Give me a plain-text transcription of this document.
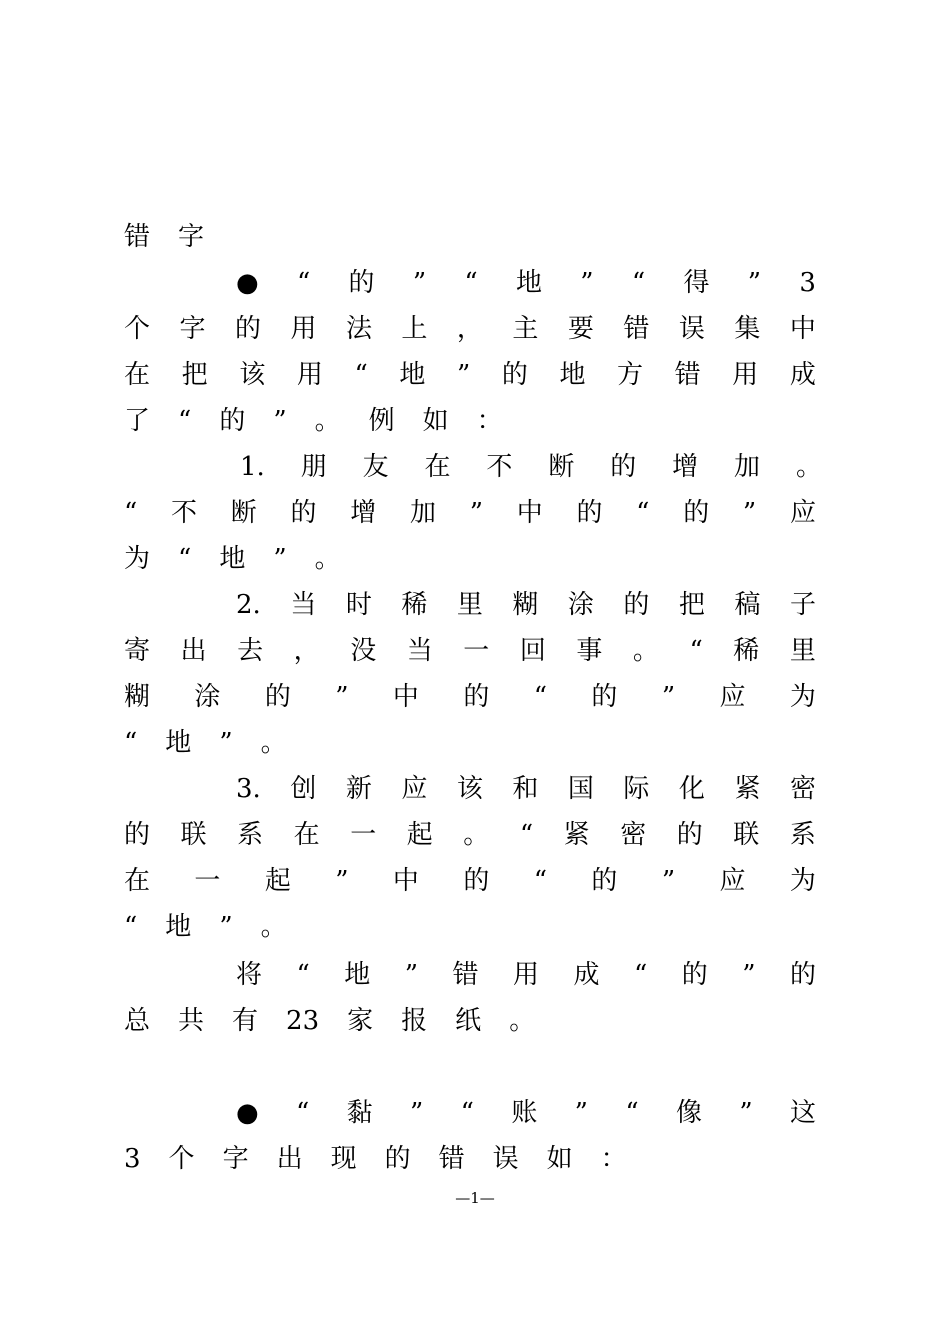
错 字
● “ 的 ” “ 地 ” “ 得 ” 3
个 字 的 用 法 上 ， 主 要 错 误 集 中
在 把 该 用 “ 地 ” 的 地 方 错 用 成
了 “ 的 ” 。 例 如 ：
1. 朋 友 在 不 断 的 增 加 。
“ 不 断 的 增 加 ” 中 的 “ 的 ” 应
为 “ 地 ” 。
2. 当 时 稀 里 糊 涂 的 把 稿 子
寄 出 去 ， 没 当 一 回 事 。 “ 稀 里
糊 涂 的 ” 中 的 “ 的 ” 应 为
“ 地 ” 。
3. 创 新 应 该 和 国 际 化 紧 密
的 联 系 在 一 起 。 “ 紧 密 的 联 系
在 一 起 ” 中 的 “ 的 ” 应 为
“ 地 ” 。
将 “ 地 ” 错 用 成 “ 的 ” 的
总 共 有 23 家 报 纸 。
● “ 黏 ” “ 账 ” “ 像 ” 这
3 个 字 出 现 的 错 误 如 ：
—1—
